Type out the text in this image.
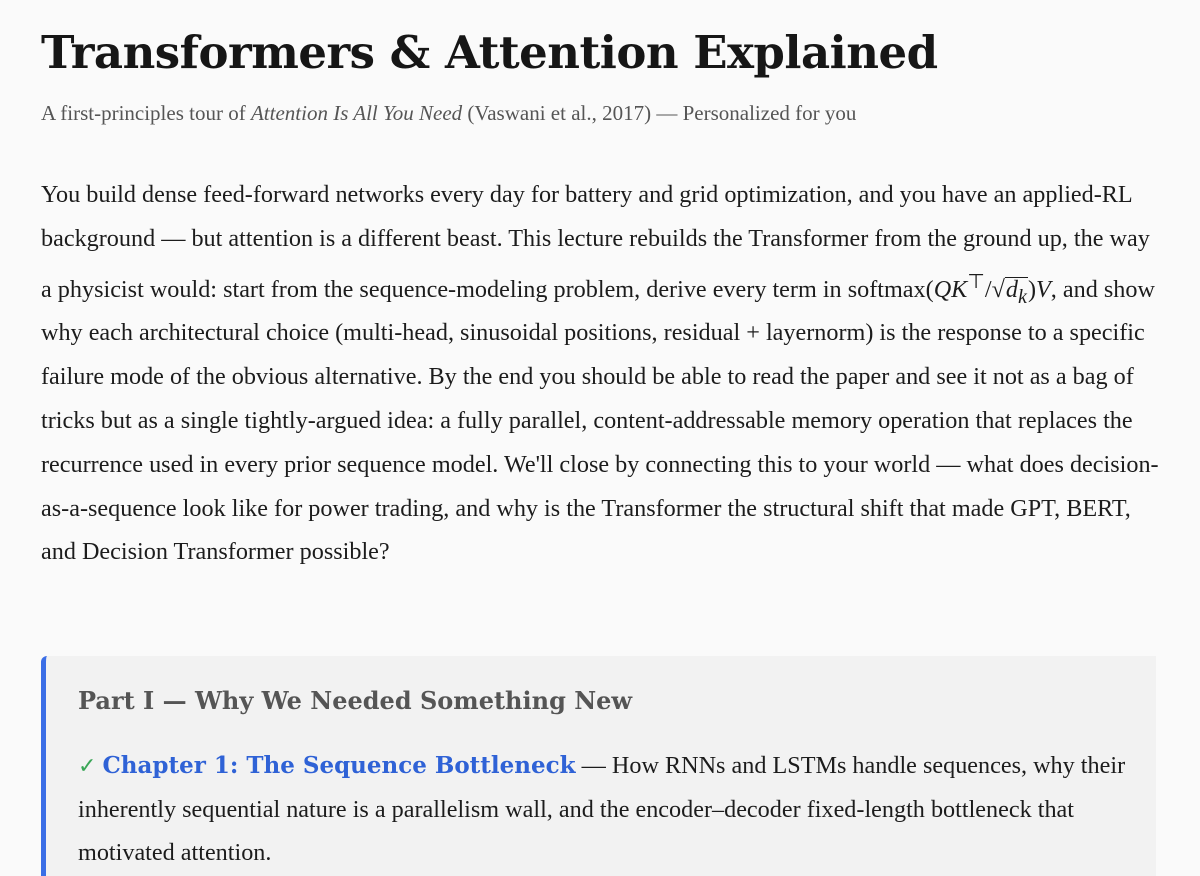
Transformers & Attention Explained
A first-principles tour of Attention Is All You Need (Vaswani et al., 2017) — Personalized for you

You build dense feed-forward networks every day for battery and grid optimization, and you have an applied-RL background — but attention is a different beast. This lecture rebuilds the Transformer from the ground up, the way a physicist would: start from the sequence-modeling problem, derive every term in $softmax(QK^⊤/√d_k)V$, and show why each architectural choice (multi-head, sinusoidal positions, residual + layernorm) is the response to a specific failure mode of the obvious alternative. By the end you should be able to read the paper and see it not as a bag of tricks but as a single tightly-argued idea: a fully parallel, content-addressable memory operation that replaces the recurrence used in every prior sequence model. We'll close by connecting this to your world — what does decision-as-a-sequence look like for power trading, and why is the Transformer the structural shift that made GPT, BERT, and Decision Transformer possible?

Part I — Why We Needed Something New
✓ Chapter 1: The Sequence Bottleneck — How RNNs and LSTMs handle sequences, why their inherently sequential nature is a parallelism wall, and the encoder–decoder fixed-length bottleneck that motivated attention.
